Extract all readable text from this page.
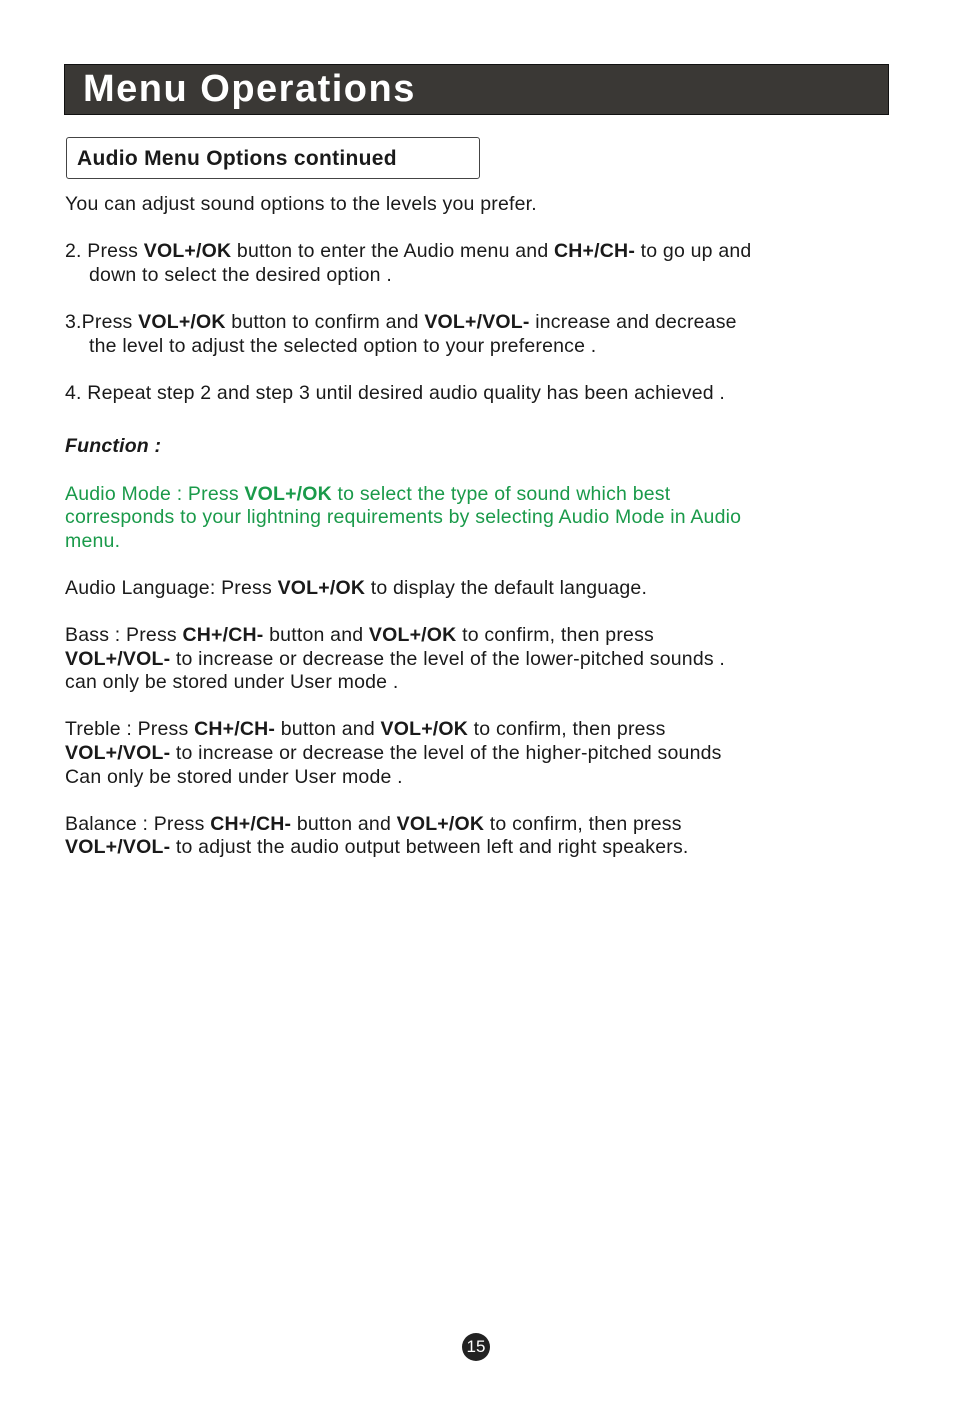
Menu Operations
Audio Menu Options continued

You can adjust sound options to the levels you prefer.

2. Press VOL+/OK button to enter the Audio menu and CH+/CH- to go up and

down to select the desired option .

3.Press VOL+/OK button to confirm and VOL+/VOL- increase and decrease

the level to adjust the selected option to your preference .

4. Repeat step 2 and step 3 until desired audio quality has been achieved .

Function :

Audio Mode : Press VOL+/OK to select the type of sound which best

corresponds to your lightning requirements by selecting Audio Mode in Audio

menu.

Audio Language: Press VOL+/OK to display the default language.

Bass : Press CH+/CH- button and VOL+/OK to confirm, then press

VOL+/VOL- to increase or decrease the level of the lower-pitched sounds .

can only be stored under User mode .

Treble : Press CH+/CH- button and VOL+/OK to confirm, then press

VOL+/VOL- to increase or decrease the level of the higher-pitched sounds

Can only be stored under User mode .

Balance : Press CH+/CH- button and VOL+/OK to confirm, then press

VOL+/VOL- to adjust the audio output between left and right speakers.

15
